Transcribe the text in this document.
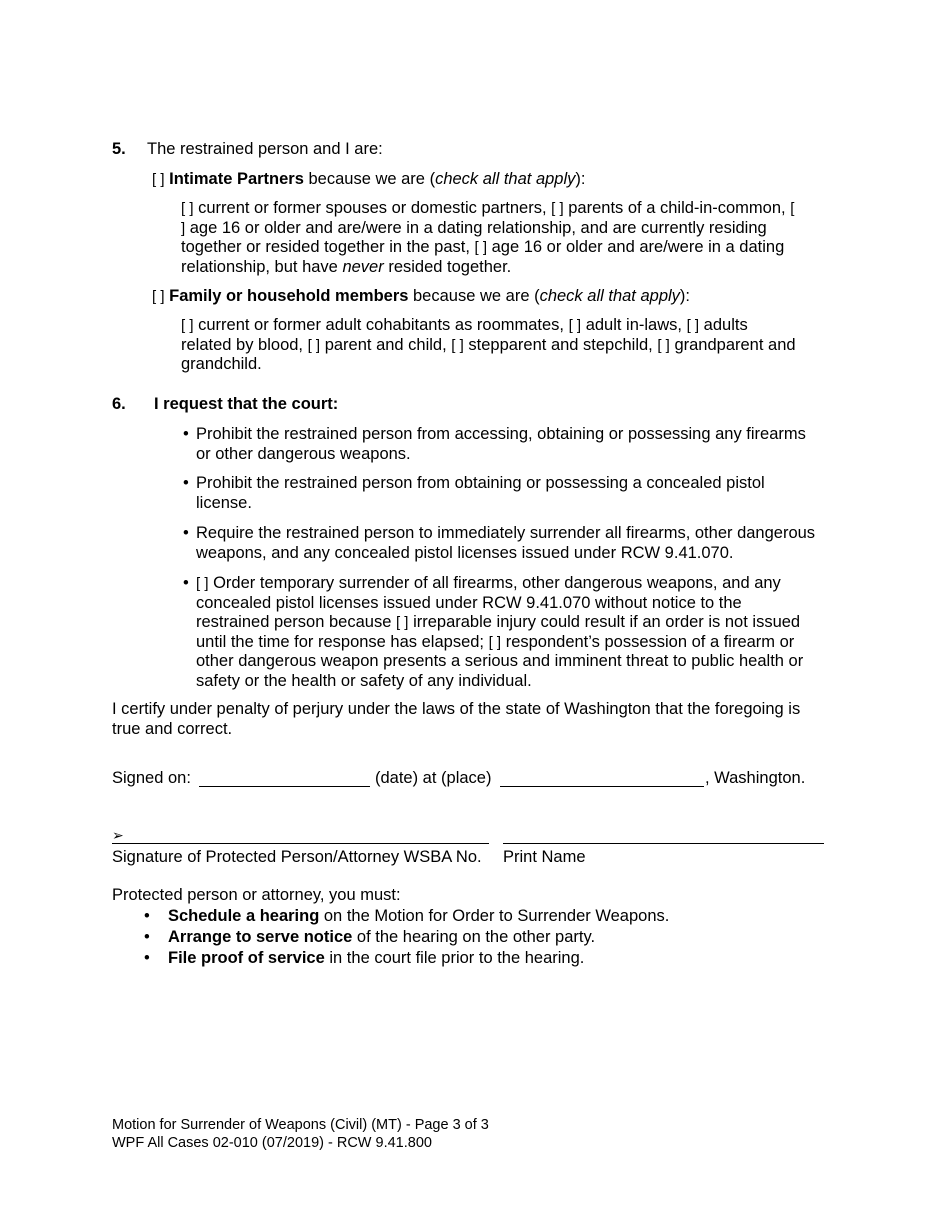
5. The restrained person and I are:
[ ] Intimate Partners because we are (check all that apply):
[ ] current or former spouses or domestic partners, [ ] parents of a child-in-common, [
] age 16 or older and are/were in a dating relationship, and are currently residing
together or resided together in the past, [ ] age 16 or older and are/were in a dating
relationship, but have never resided together.
[ ] Family or household members because we are (check all that apply):
[ ] current or former adult cohabitants as roommates, [ ] adult in-laws, [ ] adults
related by blood, [ ] parent and child, [ ] stepparent and stepchild, [ ] grandparent and
grandchild.
6. I request that the court:
• Prohibit the restrained person from accessing, obtaining or possessing any firearms
or other dangerous weapons.
• Prohibit the restrained person from obtaining or possessing a concealed pistol
license.
• Require the restrained person to immediately surrender all firearms, other dangerous
weapons, and any concealed pistol licenses issued under RCW 9.41.070.
• [ ] Order temporary surrender of all firearms, other dangerous weapons, and any
concealed pistol licenses issued under RCW 9.41.070 without notice to the
restrained person because [ ] irreparable injury could result if an order is not issued
until the time for response has elapsed; [ ] respondent’s possession of a firearm or
other dangerous weapon presents a serious and imminent threat to public health or
safety or the health or safety of any individual.
I certify under penalty of perjury under the laws of the state of Washington that the foregoing is
true and correct.
Signed on:	(date) at (place)	, Washington.
➢
Signature of Protected Person/Attorney WSBA No. Print Name
Protected person or attorney, you must:
• Schedule a hearing on the Motion for Order to Surrender Weapons.
• Arrange to serve notice of the hearing on the other party.
• File proof of service in the court file prior to the hearing.
Motion for Surrender of Weapons (Civil) (MT) - Page 3 of 3
WPF All Cases 02-010 (07/2019) - RCW 9.41.800
